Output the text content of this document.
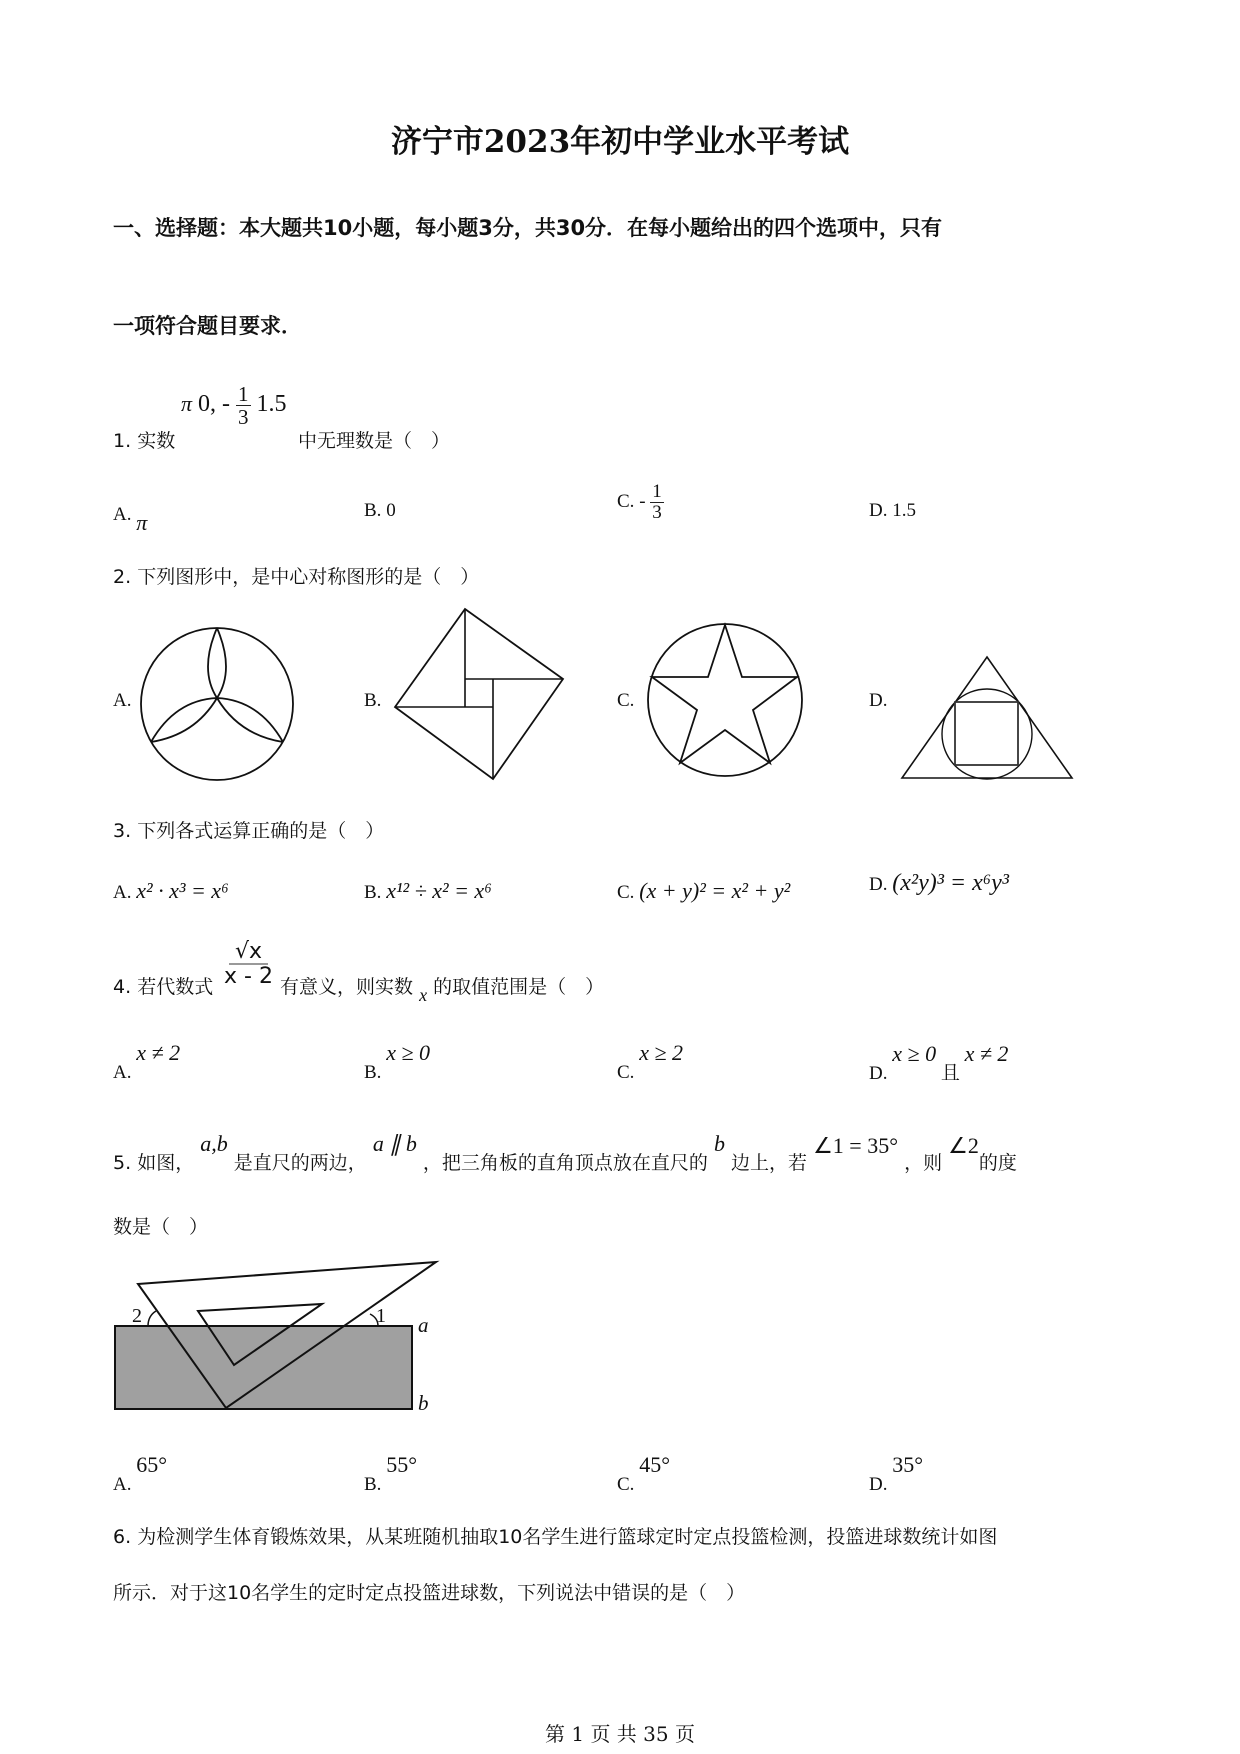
济宁市2023年初中学业水平考试
一、选择题：本大题共10小题，每小题3分，共30分．在每小题给出的四个选项中，只有
一项符合题目要求．
π 0, - $\frac{1}{3} 1.5$
1. 实数	中无理数是（　）
A. π	B. 0	C. - $\frac{1}{3}$	D. 1.5
2. 下列图形中，是中心对称图形的是（　）
A.	B.	C.	D.
3. 下列各式运算正确的是（　）
A. x² · x³ = x⁶	B. x¹² ÷ x² = x⁶	C. (x + y)² = x² + y²	D. (x²y)³ = x⁶y³
4. 若代数式 $\frac{√x}{x - 2}$ 有意义，则实数 x 的取值范围是（　）
A. x ≠ 2
B. x ≥ 0
C. x ≥ 2
D. x ≥ 0 且 x ≠ 2
5. 如图， a,b 是直尺的两边， a ∥ b ，把三角板的直角顶点放在直尺的 b 边上，若 ∠1 = 35° ，则 ∠2的度
数是（　）
2	1 a
b
A. 65°
B. 55°
C. 45°
D. 35°
6. 为检测学生体育锻炼效果，从某班随机抽取10名学生进行篮球定时定点投篮检测，投篮进球数统计如图
所示．对于这10名学生的定时定点投篮进球数，下列说法中错误的是（　）
第 1 页 共 35 页
